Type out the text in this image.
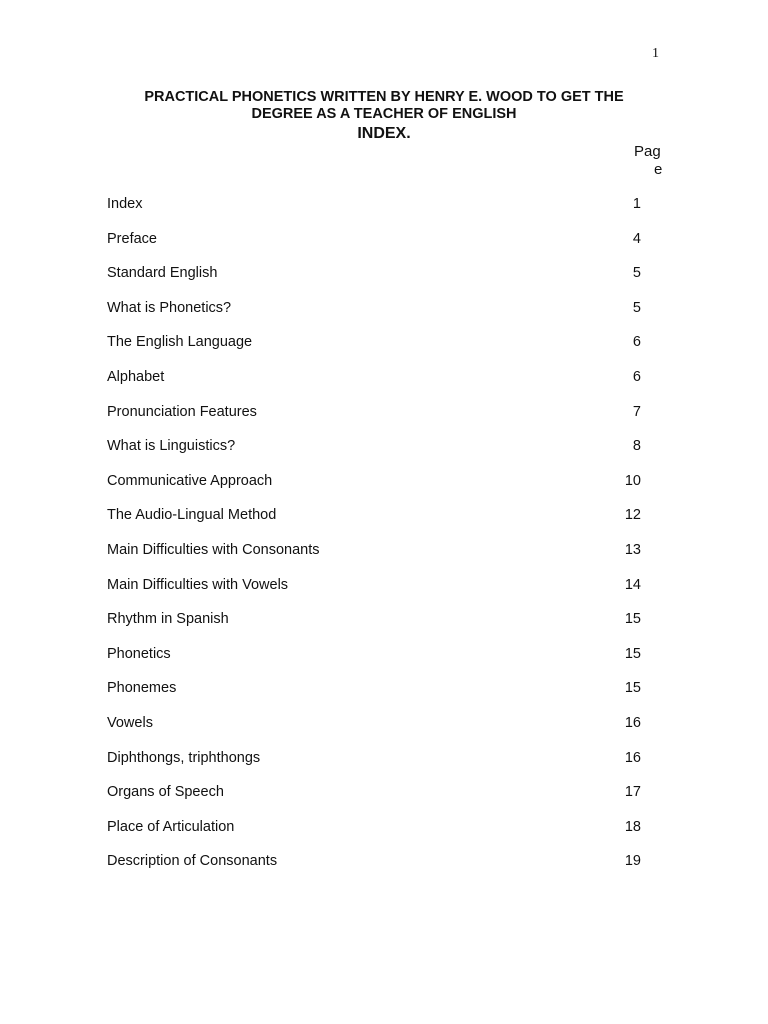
1
PRACTICAL PHONETICS WRITTEN BY HENRY E. WOOD TO GET THE
DEGREE AS A TEACHER OF ENGLISH
INDEX.
Pag
e
Index	1
Preface	4
Standard English	5
What is Phonetics?	5
The English Language	6
Alphabet	6
Pronunciation Features	7
What is Linguistics?	8
Communicative Approach	10
The Audio-Lingual Method	12
Main Difficulties with Consonants	13
Main Difficulties with Vowels	14
Rhythm in Spanish	15
Phonetics	15
Phonemes	15
Vowels	16
Diphthongs, triphthongs	16
Organs of Speech	17
Place of Articulation	18
Description of Consonants	19
